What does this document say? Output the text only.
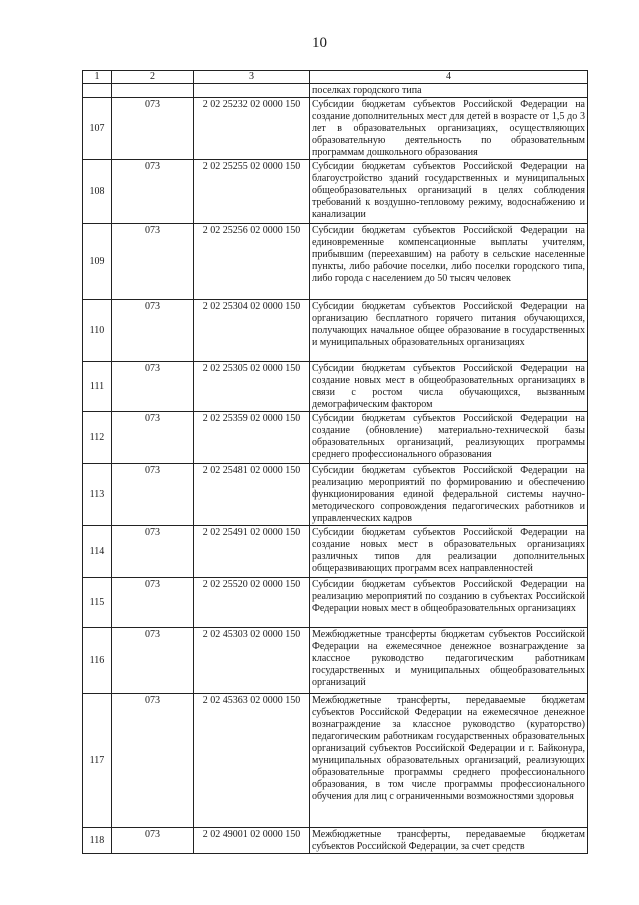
10
1	2	3	4
			поселках городского типа
107	073	2 02 25232 02 0000 150	Субсидии бюджетам субъектов Российской Федерации на создание дополнительных мест для детей в возрасте от 1,5 до 3 лет в образовательных организациях, осуществляющих образовательную деятельность по образовательным программам дошкольного образования
108	073	2 02 25255 02 0000 150	Субсидии бюджетам субъектов Российской Федерации на благоустройство зданий государственных и муниципальных общеобразовательных организаций в целях соблюдения требований к воздушно-тепловому режиму, водоснабжению и канализации
109	073	2 02 25256 02 0000 150	Субсидии бюджетам субъектов Российской Федерации на единовременные компенсационные выплаты учителям, прибывшим (переехавшим) на работу в сельские населенные пункты, либо рабочие поселки, либо поселки городского типа, либо города с населением до 50 тысяч человек
110	073	2 02 25304 02 0000 150	Субсидии бюджетам субъектов Российской Федерации на организацию бесплатного горячего питания обучающихся, получающих начальное общее образование в государственных и муниципальных образовательных организациях
111	073	2 02 25305 02 0000 150	Субсидии бюджетам субъектов Российской Федерации на создание новых мест в общеобразовательных организациях в связи с ростом числа обучающихся, вызванным демографическим фактором
112	073	2 02 25359 02 0000 150	Субсидии бюджетам субъектов Российской Федерации на создание (обновление) материально-технической базы образовательных организаций, реализующих программы среднего профессионального образования
113	073	2 02 25481 02 0000 150	Субсидии бюджетам субъектов Российской Федерации на реализацию мероприятий по формированию и обеспечению функционирования единой федеральной системы научно-методического сопровождения педагогических работников и управленческих кадров
114	073	2 02 25491 02 0000 150	Субсидии бюджетам субъектов Российской Федерации на создание новых мест в образовательных организациях различных типов для реализации дополнительных общеразвивающих программ всех направленностей
115	073	2 02 25520 02 0000 150	Субсидии бюджетам субъектов Российской Федерации на реализацию мероприятий по созданию в субъектах Российской Федерации новых мест в общеобразовательных организациях
116	073	2 02 45303 02 0000 150	Межбюджетные трансферты бюджетам субъектов Российской Федерации на ежемесячное денежное вознаграждение за классное руководство педагогическим работникам государственных и муниципальных общеобразовательных организаций
117	073	2 02 45363 02 0000 150	Межбюджетные трансферты, передаваемые бюджетам субъектов Российской Федерации на ежемесячное денежное вознаграждение за классное руководство (кураторство) педагогическим работникам государственных образовательных организаций субъектов Российской Федерации и г. Байконура, муниципальных образовательных организаций, реализующих образовательные программы среднего профессионального образования, в том числе программы профессионального обучения для лиц с ограниченными возможностями здоровья
118	073	2 02 49001 02 0000 150	Межбюджетные трансферты, передаваемые бюджетам субъектов Российской Федерации, за счет средств
